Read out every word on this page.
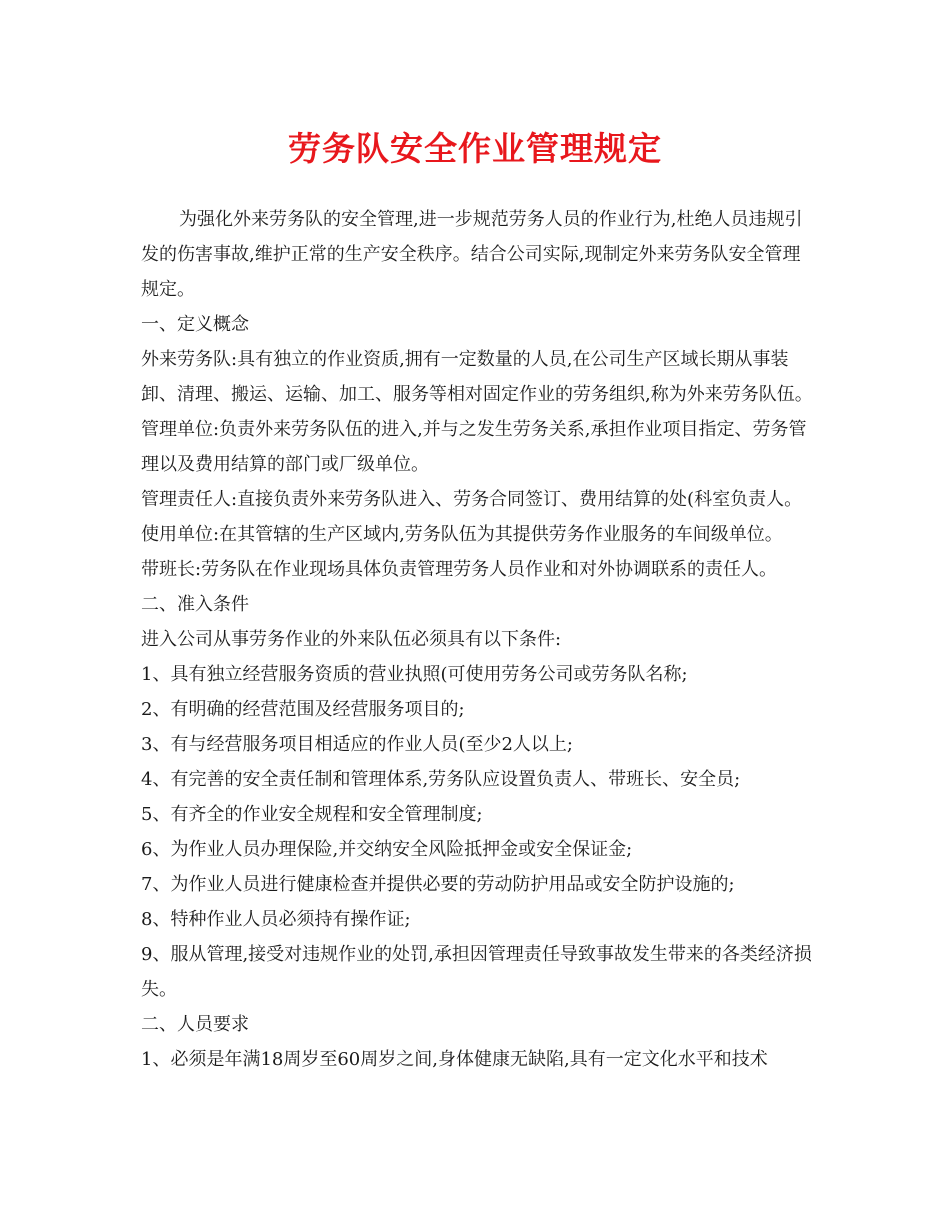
劳务队安全作业管理规定

为强化外来劳务队的安全管理,进一步规范劳务人员的作业行为,杜绝人员违规引发的伤害事故,维护正常的生产安全秩序。结合公司实际,现制定外来劳务队安全管理规定。

一、定义概念

外来劳务队:具有独立的作业资质,拥有一定数量的人员,在公司生产区域长期从事装卸、清理、搬运、运输、加工、服务等相对固定作业的劳务组织,称为外来劳务队伍。

管理单位:负责外来劳务队伍的进入,并与之发生劳务关系,承担作业项目指定、劳务管理以及费用结算的部门或厂级单位。

管理责任人:直接负责外来劳务队进入、劳务合同签订、费用结算的处(科室负责人。

使用单位:在其管辖的生产区域内,劳务队伍为其提供劳务作业服务的车间级单位。

带班长:劳务队在作业现场具体负责管理劳务人员作业和对外协调联系的责任人。

二、准入条件

进入公司从事劳务作业的外来队伍必须具有以下条件:

1、具有独立经营服务资质的营业执照(可使用劳务公司或劳务队名称;

2、有明确的经营范围及经营服务项目的;

3、有与经营服务项目相适应的作业人员(至少2人以上;

4、有完善的安全责任制和管理体系,劳务队应设置负责人、带班长、安全员;

5、有齐全的作业安全规程和安全管理制度;

6、为作业人员办理保险,并交纳安全风险抵押金或安全保证金;

7、为作业人员进行健康检查并提供必要的劳动防护用品或安全防护设施的;

8、特种作业人员必须持有操作证;

9、服从管理,接受对违规作业的处罚,承担因管理责任导致事故发生带来的各类经济损失。

二、人员要求

1、必须是年满18周岁至60周岁之间,身体健康无缺陷,具有一定文化水平和技术
